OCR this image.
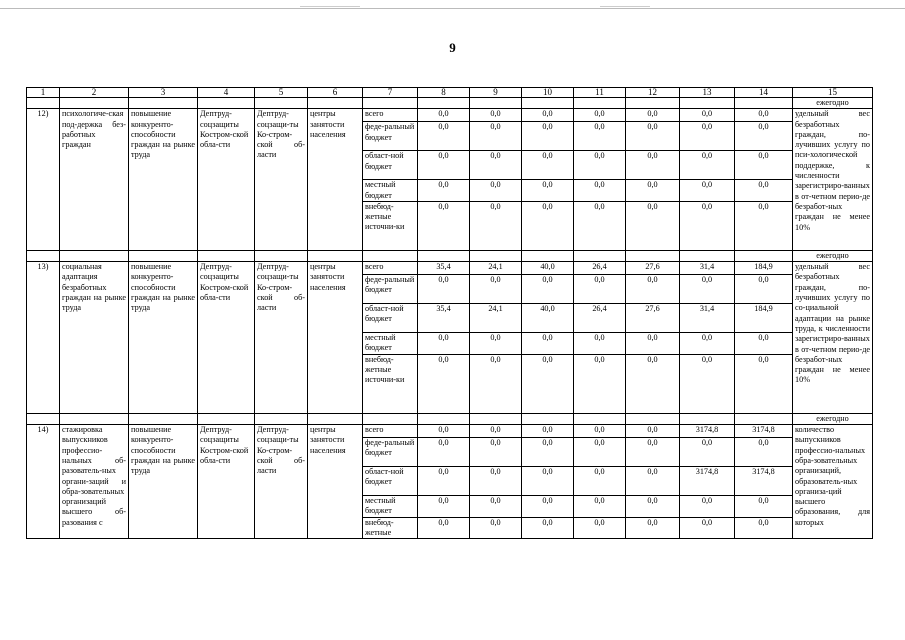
9
1	2	3	4	5	6	7	8	9	10	11	12	13	14	15
														ежегодно
12)	психологиче-ская под-держка без-работных граждан	повышение конкуренто-способности граждан на рынке труда	Дептруд-соцзащиты Костром-ской обла-сти	Дептруд-соцзащи-ты Ко-стром-ской об-ласти	центры занятости населения	всего	0,0	0,0	0,0	0,0	0,0	0,0	0,0	удельный вес безработных граждан, по-лучивших услугу по пси-хологической поддержке, к численности зарегистриро-ванных в от-четном перио-де безработ-ных граждан не менее 10%
						феде-ральный бюджет	0,0	0,0	0,0	0,0	0,0	0,0	0,0	
						област-ной бюджет	0,0	0,0	0,0	0,0	0,0	0,0	0,0	
						местный бюджет	0,0	0,0	0,0	0,0	0,0	0,0	0,0	
						внебюд-жетные источни-ки	0,0	0,0	0,0	0,0	0,0	0,0	0,0	
														ежегодно
13)	социальная адаптация безработных граждан на рынке труда	повышение конкуренто-способности граждан на рынке труда	Дептруд-соцзащиты Костром-ской обла-сти	Дептруд-соцзащи-ты Ко-стром-ской об-ласти	центры занятости населения	всего	35,4	24,1	40,0	26,4	27,6	31,4	184,9	удельный вес безработных граждан, по-лучивших услугу по со-циальной адаптации на рынке труда, к численности зарегистриро-ванных в от-четном перио-де безработ-ных граждан не менее 10%
						феде-ральный бюджет	0,0	0,0	0,0	0,0	0,0	0,0	0,0	
						област-ной бюджет	35,4	24,1	40,0	26,4	27,6	31,4	184,9	
						местный бюджет	0,0	0,0	0,0	0,0	0,0	0,0	0,0	
						внебюд-жетные источни-ки	0,0	0,0	0,0	0,0	0,0	0,0	0,0	
														ежегодно
14)	стажировка выпускников профессио-нальных об-разователь-ных органи-заций и обра-зовательных организаций высшего об-разования с	повышение конкуренто-способности граждан на рынке труда	Дептруд-соцзащиты Костром-ской обла-сти	Дептруд-соцзащи-ты Ко-стром-ской об-ласти	центры занятости населения	всего	0,0	0,0	0,0	0,0	0,0	3174,8	3174,8	количество выпускников профессио-нальных обра-зовательных организаций, образователь-ных организа-ций высшего образования, для которых
						феде-ральный бюджет	0,0	0,0	0,0	0,0	0,0	0,0	0,0	
						област-ной бюджет	0,0	0,0	0,0	0,0	0,0	3174,8	3174,8	
						местный бюджет	0,0	0,0	0,0	0,0	0,0	0,0	0,0	
						внебюд-жетные	0,0	0,0	0,0	0,0	0,0	0,0	0,0	
